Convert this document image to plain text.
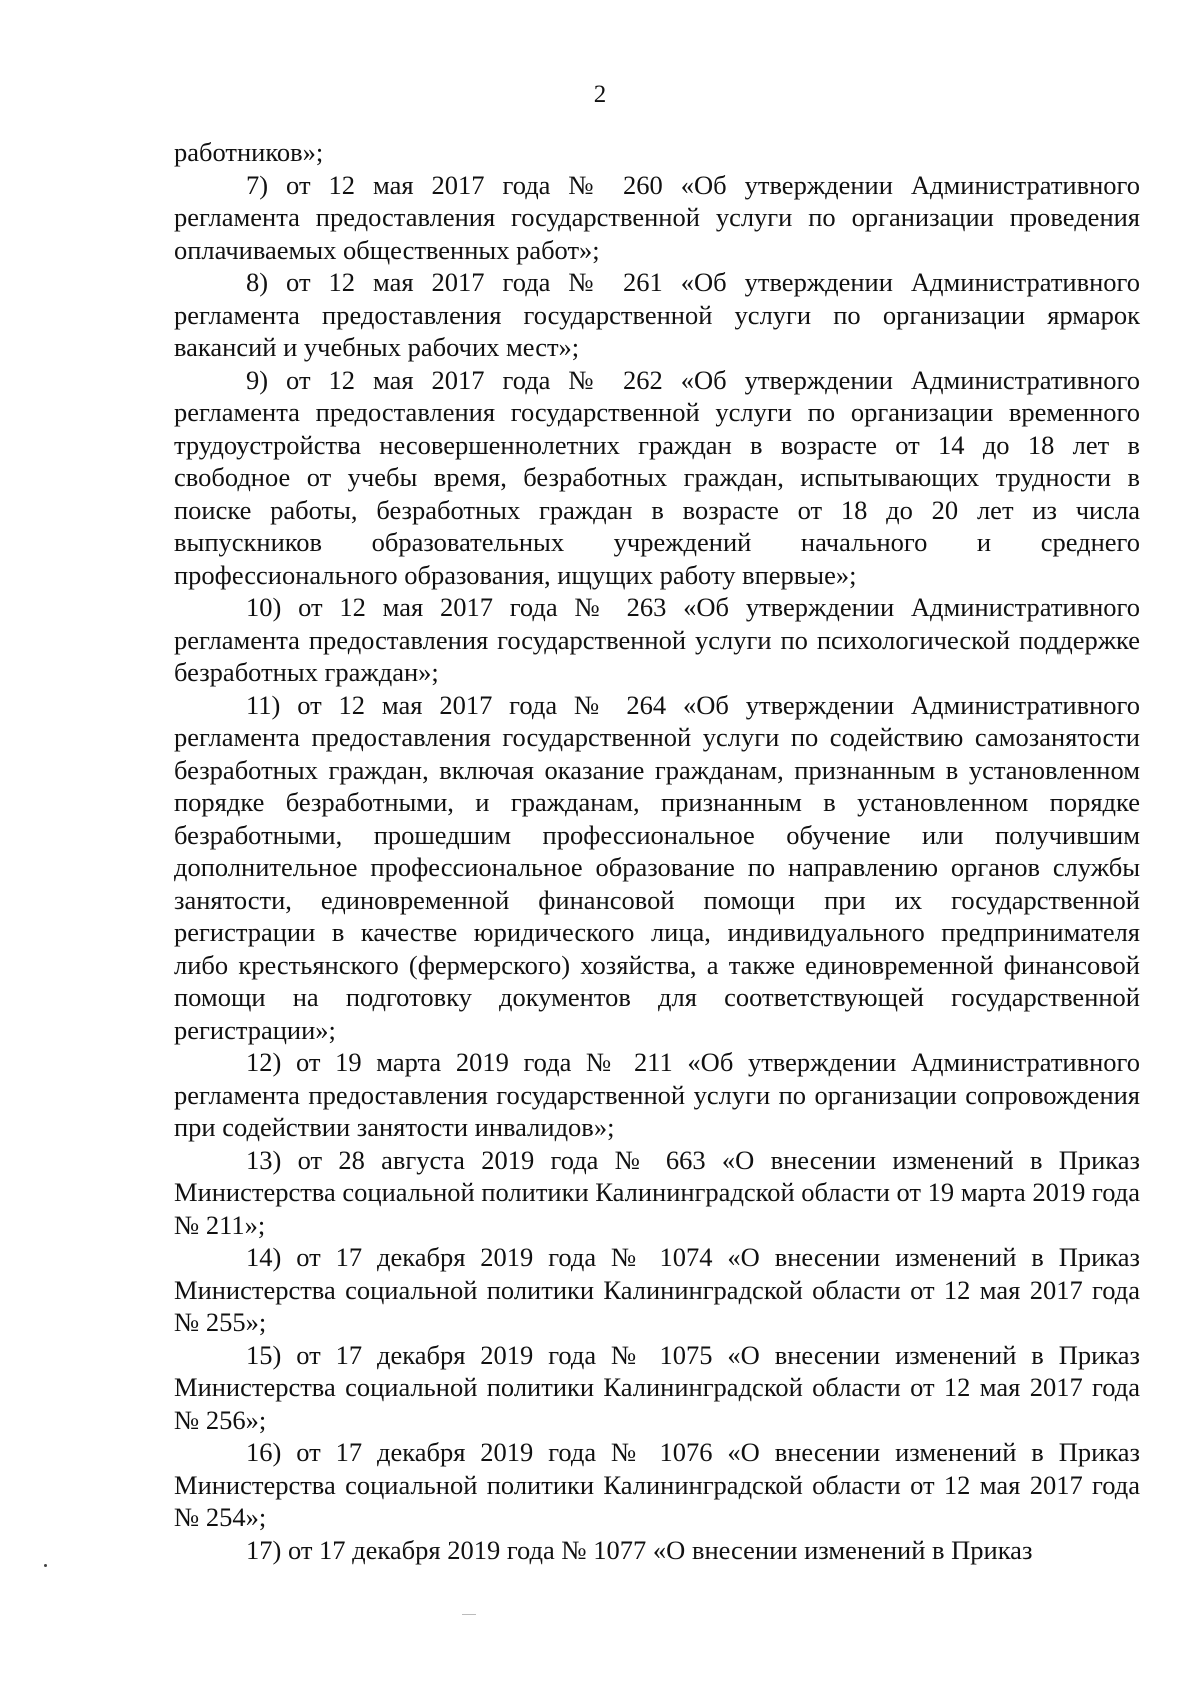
2

работников»;

7) от 12 мая 2017 года № 260 «Об утверждении Административного регламента предоставления государственной услуги по организации проведения оплачиваемых общественных работ»;

8) от 12 мая 2017 года № 261 «Об утверждении Административного регламента предоставления государственной услуги по организации ярмарок вакансий и учебных рабочих мест»;

9) от 12 мая 2017 года № 262 «Об утверждении Административного регламента предоставления государственной услуги по организации временного трудоустройства несовершеннолетних граждан в возрасте от 14 до 18 лет в свободное от учебы время, безработных граждан, испытывающих трудности в поиске работы, безработных граждан в возрасте от 18 до 20 лет из числа выпускников образовательных учреждений начального и среднего профессионального образования, ищущих работу впервые»;

10) от 12 мая 2017 года № 263 «Об утверждении Административного регламента предоставления государственной услуги по психологической поддержке безработных граждан»;

11) от 12 мая 2017 года № 264 «Об утверждении Административного регламента предоставления государственной услуги по содействию самозанятости безработных граждан, включая оказание гражданам, признанным в установленном порядке безработными, и гражданам, признанным в установленном порядке безработными, прошедшим профессиональное обучение или получившим дополнительное профессиональное образование по направлению органов службы занятости, единовременной финансовой помощи при их государственной регистрации в качестве юридического лица, индивидуального предпринимателя либо крестьянского (фермерского) хозяйства, а также единовременной финансовой помощи на подготовку документов для соответствующей государственной регистрации»;

12) от 19 марта 2019 года № 211 «Об утверждении Административного регламента предоставления государственной услуги по организации сопровождения при содействии занятости инвалидов»;

13) от 28 августа 2019 года № 663 «О внесении изменений в Приказ Министерства социальной политики Калининградской области от 19 марта 2019 года № 211»;

14) от 17 декабря 2019 года № 1074 «О внесении изменений в Приказ Министерства социальной политики Калининградской области от 12 мая 2017 года № 255»;

15) от 17 декабря 2019 года № 1075 «О внесении изменений в Приказ Министерства социальной политики Калининградской области от 12 мая 2017 года № 256»;

16) от 17 декабря 2019 года № 1076 «О внесении изменений в Приказ Министерства социальной политики Калининградской области от 12 мая 2017 года № 254»;

17) от 17 декабря 2019 года № 1077 «О внесении изменений в Приказ
